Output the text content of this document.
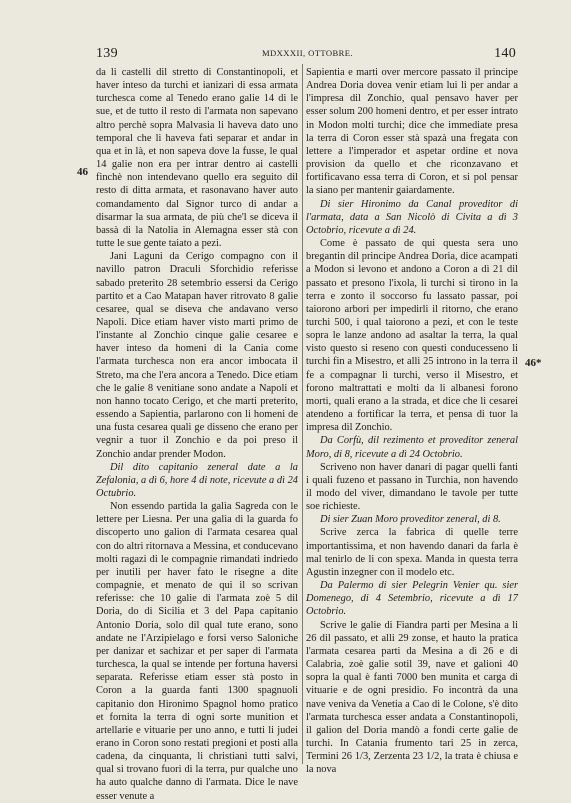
139	MDXXXII, OTTOBRE.	140
46
46*

da li castelli dil stretto di Constantinopoli, et haver inteso da turchi et ianizari di essa armata turchesca come al Tenedo erano galie 14 di le sue, et de tutto il resto di l'armata non sapevano altro perchè sopra Malvasia li haveva dato uno temporal che li haveva fati separar et andar in qua et in là, et non sapeva dove la fusse, le qual 14 galie non era per intrar dentro ai castelli finchè non intendevano quello era seguito dil resto di ditta armata, et rasonavano haver auto comandamento dal Signor turco di andar a disarmar la sua armata, de più che'l se diceva il bassà di la Natolia in Alemagna esser stà con tutte le sue gente taiato a pezi.

Jani Laguni da Cerigo compagno con il navillo patron Draculi Sforchidio referisse sabado preterito 28 setembrio essersi da Cerigo partito et a Cao Matapan haver ritrovato 8 galie cesaree, qual se diseva che andavano verso Napoli. Dice etiam haver visto marti primo de l'instante al Zonchio cinque galie cesaree e haver inteso da homeni di la Cania come l'armata turchesca non era ancor imbocata il Streto, ma che l'era ancora a Tenedo. Dice etiam che le galie 8 venitiane sono andate a Napoli et non hanno tocato Cerigo, et che marti preterito, essendo a Sapientia, parlarono con li homeni de una fusta cesarea quali ge disseno che erano per vegnir a tuor il Zonchio e da poi preso il Zonchio andar prender Modon.

Dil dito capitanio zeneral date a la Zefalonia, a dì 6, hore 4 di note, ricevute a dì 24 Octubrio.

Non essendo partida la galìa Sagreda con le lettere per Liesna. Per una galìa di la guarda fo discoperto uno galion di l'armata cesarea qual con do altri ritornava a Messina, et conducevano molti ragazi di le compagnie rimandati indriedo per inutili per haver fato le risegne a dite compagnie, et menato de qui il so scrivan referisse: che 10 galie di l'armata zoè 5 dil Doria, do di Sicilia et 3 del Papa capitanio Antonio Doria, solo dil qual tute erano, sono andate ne l'Arzipielago e forsi verso Saloniche per danizar et sachizar et per saper di l'armata turchesca, la qual se intende per fortuna haversi separata. Referisse etiam esser stà posto in Coron a la guarda fanti 1300 spagnuoli capitanio don Hironimo Spagnol homo pratico et fornita la terra di ogni sorte munition et artellarie e vituarie per uno anno, e tutti li judei erano in Coron sono restati pregioni et posti alla cadena, da cinquanta, li christiani tutti salvi, qual si trovano fuori di la terra, pur qualche uno ha auto qualche danno di l'armata. Dice le nave esser venute a

Sapientia e marti over mercore passato il principe Andrea Doria dovea venir etiam lui li per andar a l'impresa dil Zonchio, qual pensavo haver per esser solum 200 homeni dentro, et per esser intrato in Modon molti turchi; dice che immediate presa la terra di Coron esser stà spazà una fregata con lettere a l'imperador et aspetar ordine et nova provision da quello et che riconzavano et fortificavano essa terra di Coron, et si pol pensar la siano per mantenir gaiardamente.

Di sier Hironimo da Canal proveditor di l'armata, data a San Nicolò di Civita a dì 3 Octobrio, ricevute a dì 24.

Come è passato de qui questa sera uno bregantin dil principe Andrea Doria, dice acampati a Modon si levono et andono a Coron a dì 21 dil passato et presono l'ixola, li turchi si tirono in la terra e zonto il soccorso fu lassato passar, poi taiorono arbori per impedirli il ritorno, che erano turchi 500, i qual taiorono a pezi, et con le teste sopra le lanze andono ad asaltar la terra, la qual visto questo si reseno con questi conducesseno li turchi fin a Misestro, et alli 25 introno in la terra il fe a compagnar li turchi, verso il Misestro, et forono maltrattati e molti da li albanesi forono morti, quali erano a la strada, et dice che li cesarei atendeno a fortificar la terra, et pensa di tuor la impresa dil Zonchio.

Da Corfù, dil rezimento et proveditor zeneral Moro, di 8, ricevute a dì 24 Octobrio.

Scriveno non haver danari di pagar quelli fanti i quali fuzeno et passano in Turchia, non havendo il modo del viver, dimandano le tavole per tutte soe richieste.

Di sier Zuan Moro proveditor zeneral, di 8.

Scrive zerca la fabrica di quelle terre importantissima, et non havendo danari da farla è mal tenirlo de li con spexa. Manda in questa terra Agustin inzegner con il modelo etc.

Da Palermo di sier Pelegrin Venier qu. sier Domenego, di 4 Setembrio, ricevute a dì 17 Octobrio.

Scrive le galie di Fiandra parti per Mesina a li 26 dil passato, et alli 29 zonse, et hauto la pratica l'armata cesarea parti da Mesina a dì 26 e di Calabria, zoè galie sotil 39, nave et galioni 40 sopra la qual è fanti 7000 ben munita et carga di vituarie e de ogni presidio. Fo incontrà da una nave veniva da Venetia a Cao di le Colone, s'è dito l'armata turchesca esser andata a Constantinopoli, il galion del Doria mandò a fondi certe galie de turchi. In Catania frumento tari 25 in zerca, Termini 26 1/3, Zerzenta 23 1/2, la trata è chiusa e la nova
